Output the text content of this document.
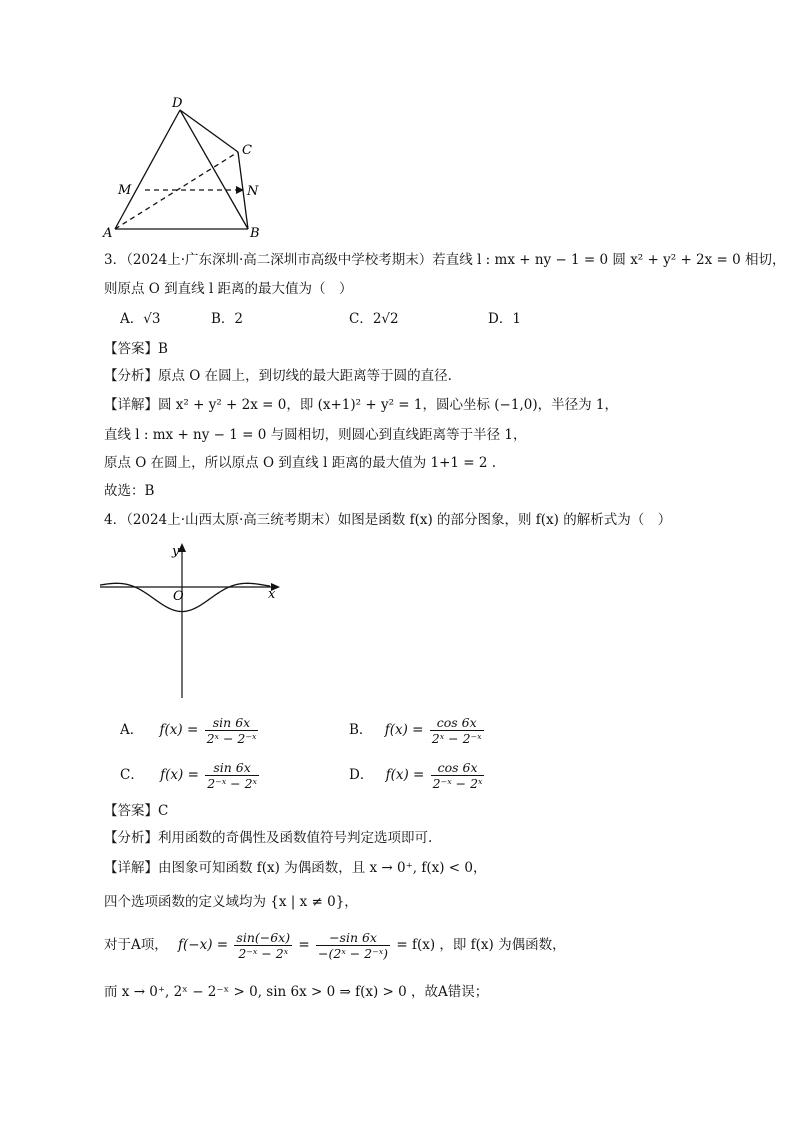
D
C
M	N
A	B
3．（2024上·广东深圳·高二深圳市高级中学校考期末）若直线 l : mx + ny − 1 = 0 圆 x² + y² + 2x = 0 相切，
则原点 O 到直线 l 距离的最大值为（　）
A．√3	B．2	C．2√2	D．1
【答案】B
【分析】原点 O 在圆上，到切线的最大距离等于圆的直径.
【详解】圆 x² + y² + 2x = 0，即 (x+1)² + y² = 1，圆心坐标 (−1,0)，半径为 1，
直线 l : mx + ny − 1 = 0 与圆相切，则圆心到直线距离等于半径 1，
原点 O 在圆上，所以原点 O 到直线 l 距离的最大值为 1+1 = 2 .
故选：B
4．（2024上·山西太原·高三统考期末）如图是函数 f(x) 的部分图象，则 f(x) 的解析式为（　）
y
x
O
A． $f(x) = \frac{\sin 6x}{\text{2ˣ − 2⁻ˣ}}$	B． $f(x) = \frac{\cos 6x}{\text{2ˣ − 2⁻ˣ}}$
C． $f(x) = \frac{\sin 6x}{\text{2⁻ˣ − 2ˣ}}$	D． $f(x) = \frac{\cos 6x}{\text{2⁻ˣ − 2ˣ}}$
【答案】C
【分析】利用函数的奇偶性及函数值符号判定选项即可.
【详解】由图象可知函数 f(x) 为偶函数，且 x → 0⁺, f(x) < 0，
四个选项函数的定义域均为 {x | x ≠ 0}，
对于A项， $f(-x) = \frac{\sin(-6x)}{\text{2⁻ˣ − 2ˣ}} = \frac{-\sin 6x}{\text{−(2ˣ − 2⁻ˣ)}} = f(x)$ ，即 f(x) 为偶函数，
而 x → 0⁺, 2ˣ − 2⁻ˣ > 0, sin 6x > 0 ⇒ f(x) > 0 ，故A错误；
